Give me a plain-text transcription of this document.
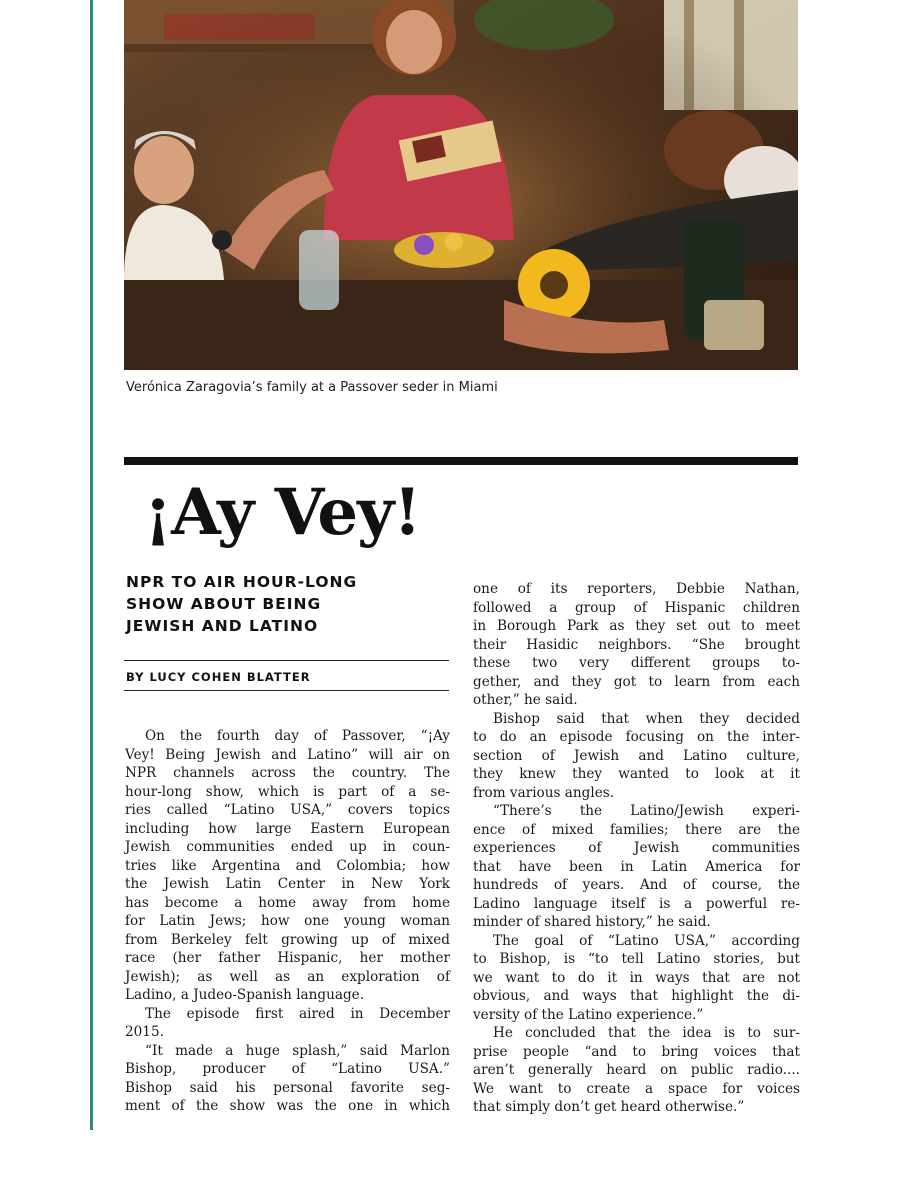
Verónica Zaragovia’s family at a Passover seder in Miami
¡Ay Vey!
NPR TO AIR HOUR-LONG
SHOW ABOUT BEING
JEWISH AND LATINO
BY LUCY COHEN BLATTER
On the fourth day of Passover, “¡Ay
Vey! Being Jewish and Latino” will air on
NPR channels across the country. The
hour-long show, which is part of a se-
ries called “Latino USA,” covers topics
including how large Eastern European
Jewish communities ended up in coun-
tries like Argentina and Colombia; how
the Jewish Latin Center in New York
has become a home away from home
for Latin Jews; how one young woman
from Berkeley felt growing up of mixed
race (her father Hispanic, her mother
Jewish); as well as an exploration of
Ladino, a Judeo-Spanish language.
The episode first aired in December
2015.
“It made a huge splash,” said Marlon
Bishop, producer of “Latino USA.”
Bishop said his personal favorite seg-
ment of the show was the one in which
one of its reporters, Debbie Nathan,
followed a group of Hispanic children
in Borough Park as they set out to meet
their Hasidic neighbors. “She brought
these two very different groups to-
gether, and they got to learn from each
other,” he said.
Bishop said that when they decided
to do an episode focusing on the inter-
section of Jewish and Latino culture,
they knew they wanted to look at it
from various angles.
“There’s the Latino/Jewish experi-
ence of mixed families; there are the
experiences of Jewish communities
that have been in Latin America for
hundreds of years. And of course, the
Ladino language itself is a powerful re-
minder of shared history,” he said.
The goal of “Latino USA,” according
to Bishop, is “to tell Latino stories, but
we want to do it in ways that are not
obvious, and ways that highlight the di-
versity of the Latino experience.”
He concluded that the idea is to sur-
prise people “and to bring voices that
aren’t generally heard on public radio....
We want to create a space for voices
that simply don’t get heard otherwise.”
